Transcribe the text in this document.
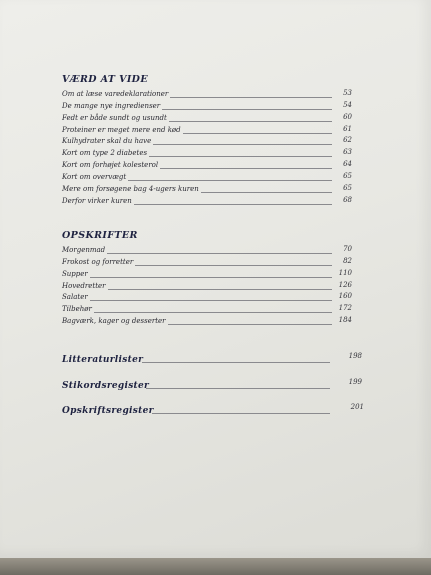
VÆRD AT VIDE
Om at læse varedeklarationer	53
De mange nye ingredienser	54
Fedt er både sundt og usundt	60
Proteiner er meget mere end kød	61
Kulhydrater skal du have	62
Kort om type 2 diabetes	63
Kort om forhøjet kolesterol	64
Kort om overvægt	65
Mere om forsøgene bag 4-ugers kuren	65
Derfor virker kuren	68
OPSKRIFTER
Morgenmad	70
Frokost og forretter	82
Supper	110
Hovedretter	126
Salater	160
Tilbehør	172
Bagværk, kager og desserter	184
Litteraturlister	198
Stikordsregister	199
Opskriftsregister	201
